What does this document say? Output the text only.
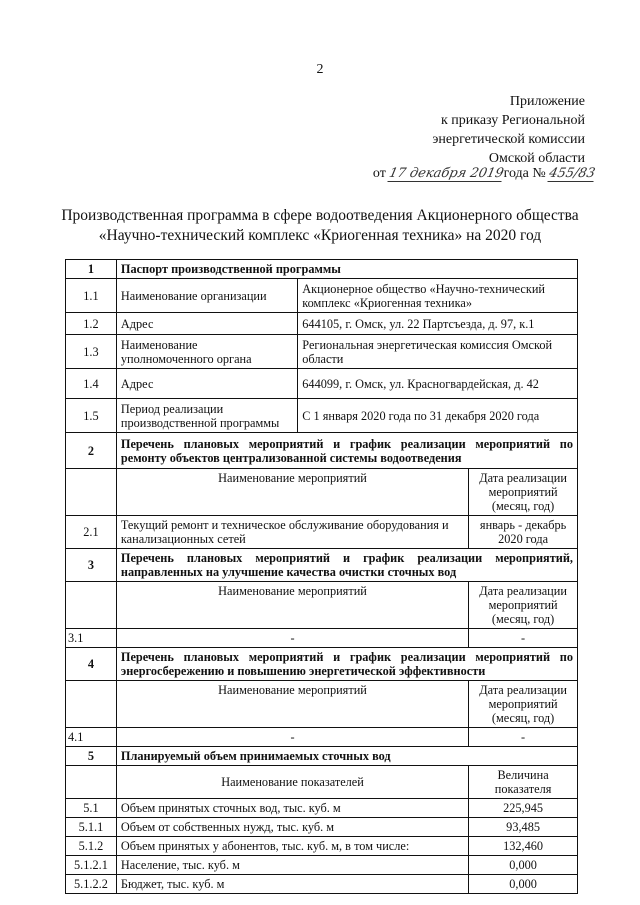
2
Приложение
к приказу Региональной
энергетической комиссии
Омской области
от 17 декабря 2019года № 455/83
Производственная программа в сфере водоотведения Акционерного общества
«Научно-технический комплекс «Криогенная техника» на 2020 год
1	Паспорт производственной программы		
1.1	Наименование организации	Акционерное общество «Научно-технический комплекс «Криогенная техника»	
1.2	Адрес	644105, г. Омск, ул. 22 Партсъезда, д. 97, к.1	
1.3	Наименование уполномоченного органа	Региональная энергетическая комиссия Омской области	
1.4	Адрес	644099, г. Омск, ул. Красногвардейская, д. 42	
1.5	Период реализации производственной программы	С 1 января 2020 года по 31 декабря 2020 года	
2	Перечень плановых мероприятий и график реализации мероприятий по ремонту объектов централизованной системы водоотведения		
	Наименование мероприятий		Дата реализации мероприятий (месяц, год)
2.1	Текущий ремонт и техническое обслуживание оборудования и канализационных сетей		январь - декабрь 2020 года
3	Перечень плановых мероприятий и график реализации мероприятий, направленных на улучшение качества очистки сточных вод		
	Наименование мероприятий		Дата реализации мероприятий (месяц, год)
3.1	-		-
4	Перечень плановых мероприятий и график реализации мероприятий по энергосбережению и повышению энергетической эффективности		
	Наименование мероприятий		Дата реализации мероприятий (месяц, год)
4.1	-		-
5	Планируемый объем принимаемых сточных вод		
	Наименование показателей		Величина показателя
5.1	Объем принятых сточных вод, тыс. куб. м		225,945
5.1.1	Объем от собственных нужд, тыс. куб. м		93,485
5.1.2	Объем принятых у абонентов, тыс. куб. м, в том числе:		132,460
5.1.2.1	Население, тыс. куб. м		0,000
5.1.2.2	Бюджет, тыс. куб. м		0,000
